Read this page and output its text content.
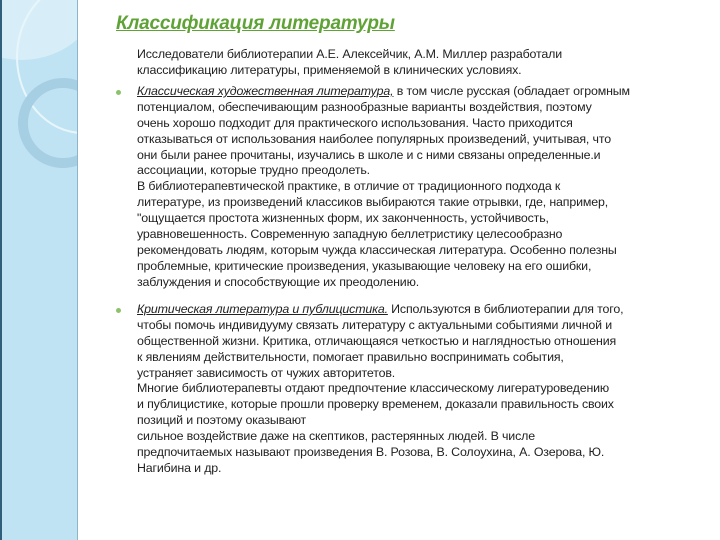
Классификация литературы
Исследователи библиотерапии А.Е. Алексейчик, А.М. Миллер разработали
классификацию литературы, применяемой в клинических условиях.
Классическая художественная литература, в том числе русская (обладает огромным
потенциалом, обеспечивающим разнообразные варианты воздействия, поэтому
очень хорошо подходит для практического использования. Часто приходится
отказываться от использования наиболее популярных произведений, учитывая, что
они были ранее прочитаны, изучались в школе и с ними связаны определенные.и
ассоциации, которые трудно преодолеть.
В библиотерапевтической практике, в отличие от традиционного подхода к
литературе, из произведений классиков выбираются такие отрывки, где, например,
"ощущается простота жизненных форм, их законченность, устойчивость,
уравновешенность. Современную западную беллетристику целесообразно
рекомендовать людям, которым чужда классическая литература. Особенно полезны
проблемные, критические произведения, указывающие человеку на его ошибки,
заблуждения и способствующие их преодолению.
Критическая литература и публицистика. Используются в библиотерапии для того,
чтобы помочь индивидууму связать литературу с актуальными событиями личной и
общественной жизни. Критика, отличающаяся четкостью и наглядностью отношения
к явлениям действительности, помогает правильно воспринимать события,
устраняет зависимость от чужих авторитетов.
Многие библиотерапевты отдают предпочтение классическому лигературоведению
и публицистике, которые прошли проверку временем, доказали правильность своих
позиций и поэтому оказывают
сильное воздействие даже на скептиков, растерянных людей. В числе
предпочитаемых называют произведения В. Розова, В. Солоухина, А. Озерова, Ю.
Нагибина и др.
